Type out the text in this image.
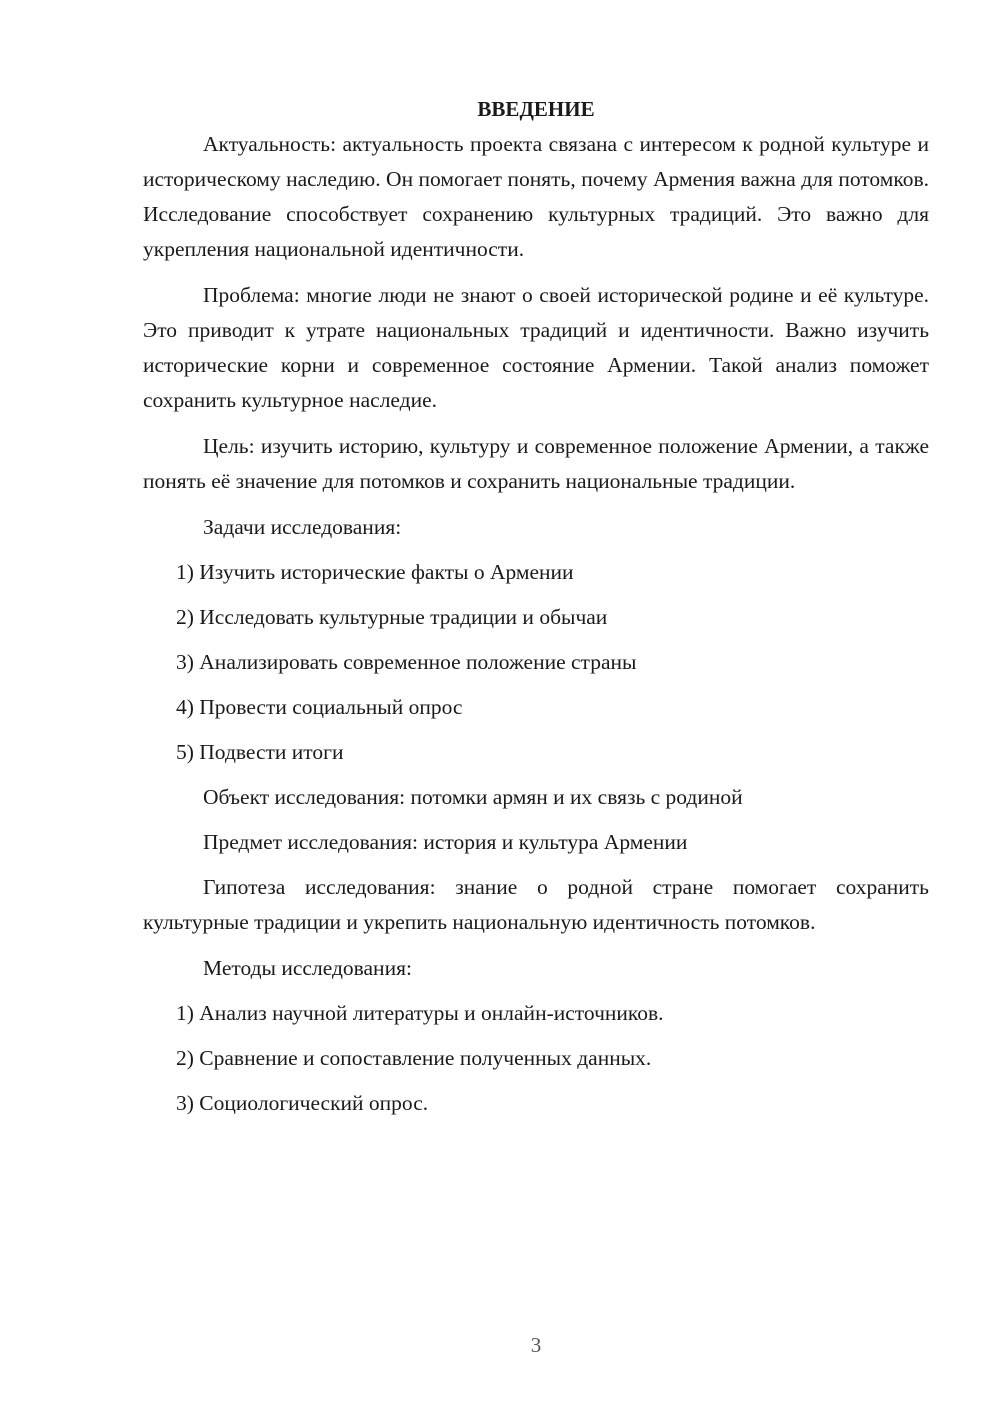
ВВЕДЕНИЕ

Актуальность: актуальность проекта связана с интересом к родной культуре и историческому наследию. Он помогает понять, почему Армения важна для потомков. Исследование способствует сохранению культурных традиций. Это важно для укрепления национальной идентичности.

Проблема: многие люди не знают о своей исторической родине и её культуре. Это приводит к утрате национальных традиций и идентичности. Важно изучить исторические корни и современное состояние Армении. Такой анализ поможет сохранить культурное наследие.

Цель: изучить историю, культуру и современное положение Армении, а также понять её значение для потомков и сохранить национальные традиции.

Задачи исследования:

1) Изучить исторические факты о Армении

2) Исследовать культурные традиции и обычаи

3) Анализировать современное положение страны

4) Провести социальный опрос

5) Подвести итоги

Объект исследования: потомки армян и их связь с родиной

Предмет исследования: история и культура Армении

Гипотеза исследования: знание о родной стране помогает сохранить культурные традиции и укрепить национальную идентичность потомков.

Методы исследования:

1) Анализ научной литературы и онлайн-источников.

2) Сравнение и сопоставление полученных данных.

3) Социологический опрос.

3
